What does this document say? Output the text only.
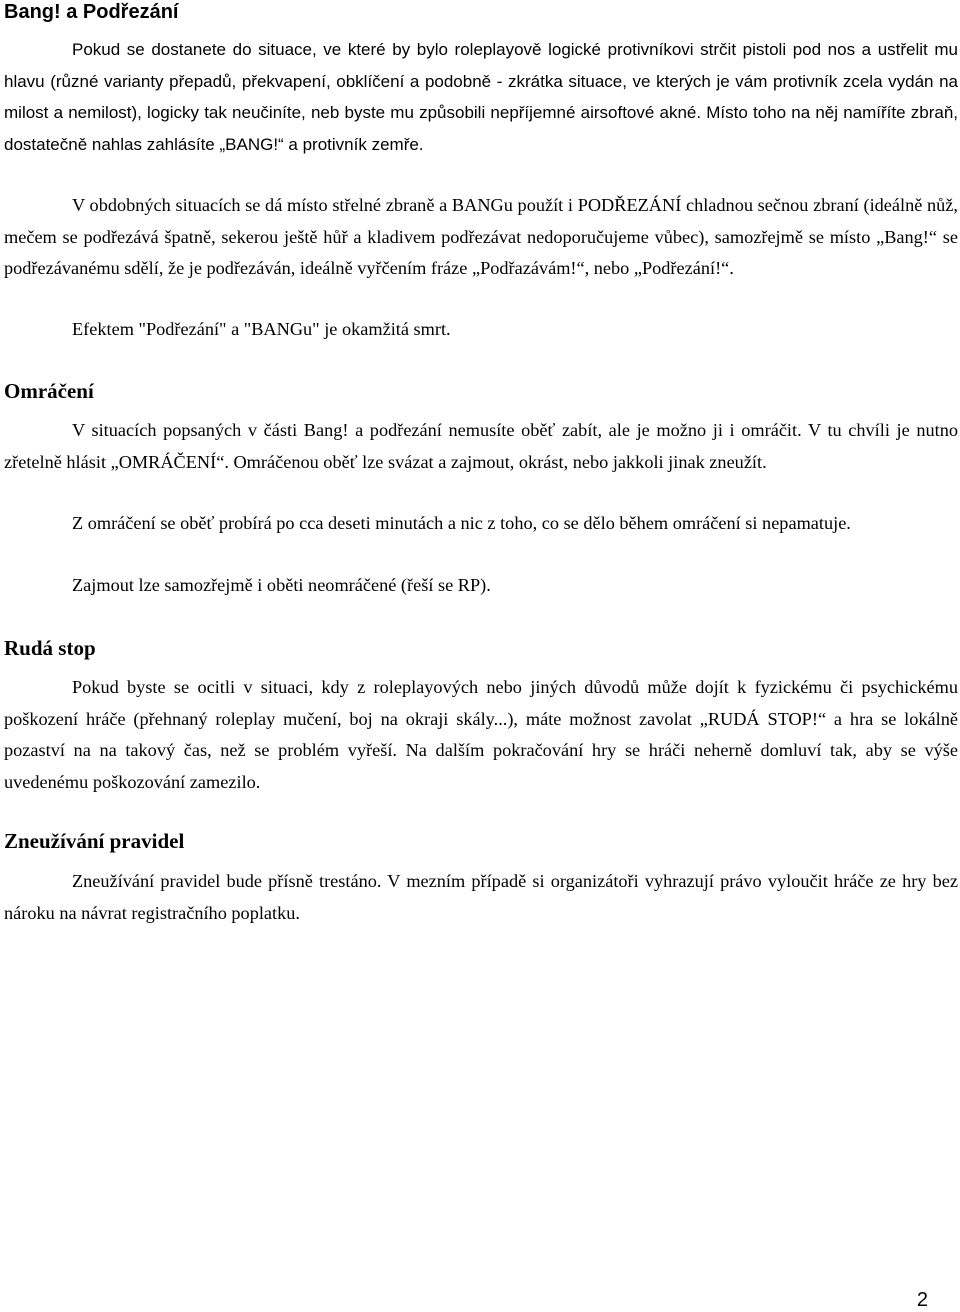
Bang! a Podřezání

Pokud se dostanete do situace, ve které by bylo roleplayově logické protivníkovi strčit pistoli pod nos a ustřelit mu hlavu (různé varianty přepadů, překvapení, obklíčení a podobně - zkrátka situace, ve kterých je vám protivník zcela vydán na milost a nemilost), logicky tak neučiníte, neb byste mu způsobili nepříjemné airsoftové akné. Místo toho na něj namíříte zbraň, dostatečně nahlas zahlásíte „BANG!“ a protivník zemře.

V obdobných situacích se dá místo střelné zbraně a BANGu použít i PODŘEZÁNÍ chladnou sečnou zbraní (ideálně nůž, mečem se podřezává špatně, sekerou ještě hůř a kladivem podřezávat nedoporučujeme vůbec), samozřejmě se místo „Bang!“ se podřezávanému sdělí, že je podřezáván, ideálně vyřčením fráze „Podřazávám!“, nebo „Podřezání!“.

Efektem "Podřezání" a "BANGu" je okamžitá smrt.

Omráčení

V situacích popsaných v části Bang! a podřezání nemusíte oběť zabít, ale je možno ji i omráčit. V tu chvíli je nutno zřetelně hlásit „OMRÁČENÍ“. Omráčenou oběť lze svázat a zajmout, okrást, nebo jakkoli jinak zneužít.

Z omráčení se oběť probírá po cca deseti minutách a nic z toho, co se dělo během omráčení si nepamatuje.

Zajmout lze samozřejmě i oběti neomráčené (řeší se RP).

Rudá stop

Pokud byste se ocitli v situaci, kdy z roleplayových nebo jiných důvodů může dojít k fyzickému či psychickému poškození hráče (přehnaný roleplay mučení, boj na okraji skály...), máte možnost zavolat „RUDÁ STOP!“ a hra se lokálně pozaství na na takový čas, než se problém vyřeší. Na dalším pokračování hry se hráči neherně domluví tak, aby se výše uvedenému poškozování zamezilo.

Zneužívání pravidel

Zneužívání pravidel bude přísně trestáno. V mezním případě si organizátoři vyhrazují právo vyloučit hráče ze hry bez nároku na návrat registračního poplatku.

2
